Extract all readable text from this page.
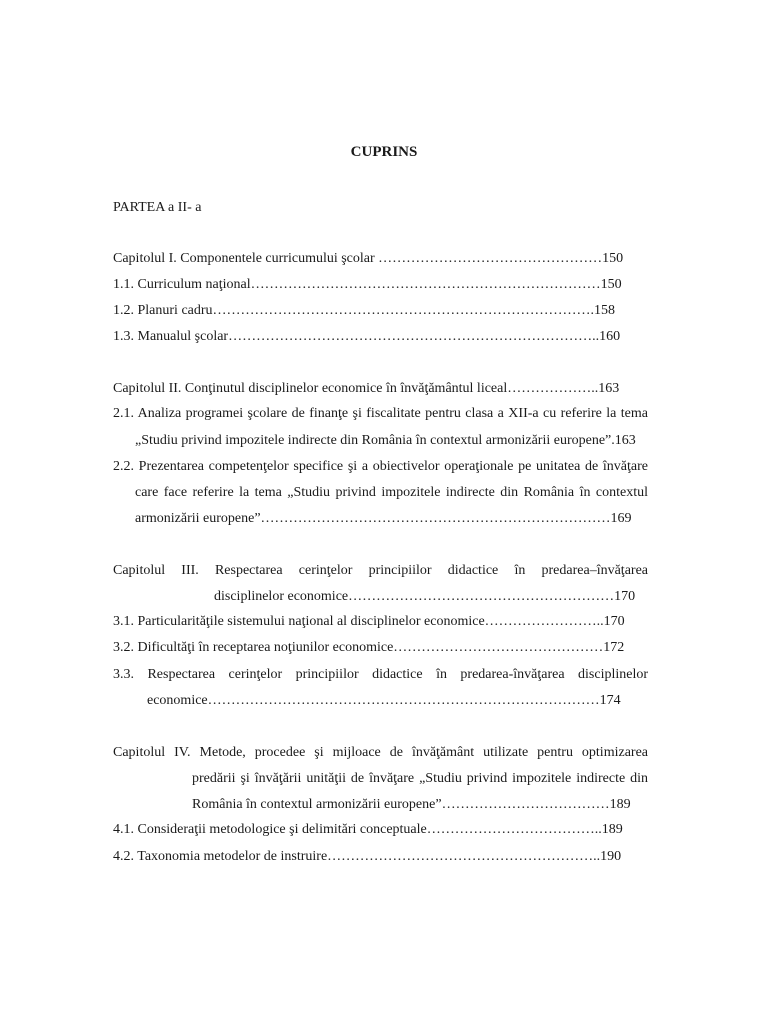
CUPRINS
PARTEA a II- a
Capitolul I. Componentele curricumului şcolar …………………………………………150
1.1. Curriculum naţional…………………………………………………………………150
1.2. Planuri cadru……………………………………………………………………….158
1.3. Manualul şcolar……………………………………………………………………..160
Capitolul II. Conţinutul disciplinelor economice în învăţământul liceal………………..163
2.1. Analiza programei şcolare de finanţe şi fiscalitate pentru clasa a XII-a cu referire la tema
„Studiu privind impozitele indirecte din România în contextul armonizării europene”.163
2.2. Prezentarea competenţelor specifice şi a obiectivelor operaţionale pe unitatea de învăţare
care face referire la tema „Studiu privind impozitele indirecte din România în contextul
armonizării europene”…………………………………………………………………169
Capitolul III. Respectarea cerinţelor principiilor didactice în predarea–învăţarea
disciplinelor economice…………………………………………………170
3.1. Particularităţile sistemului naţional al disciplinelor economice……………………..170
3.2. Dificultăţi în receptarea noţiunilor economice………………………………………172
3.3. Respectarea cerinţelor principiilor didactice în predarea-învăţarea disciplinelor
economice…………………………………………………………………………174
Capitolul IV. Metode, procedee şi mijloace de învăţământ utilizate pentru optimizarea
predării şi învăţării unităţii de învăţare „Studiu privind impozitele indirecte din
România în contextul armonizării europene”………………………………189
4.1. Consideraţii metodologice şi delimitări conceptuale………………………………..189
4.2. Taxonomia metodelor de instruire…………………………………………………..190
